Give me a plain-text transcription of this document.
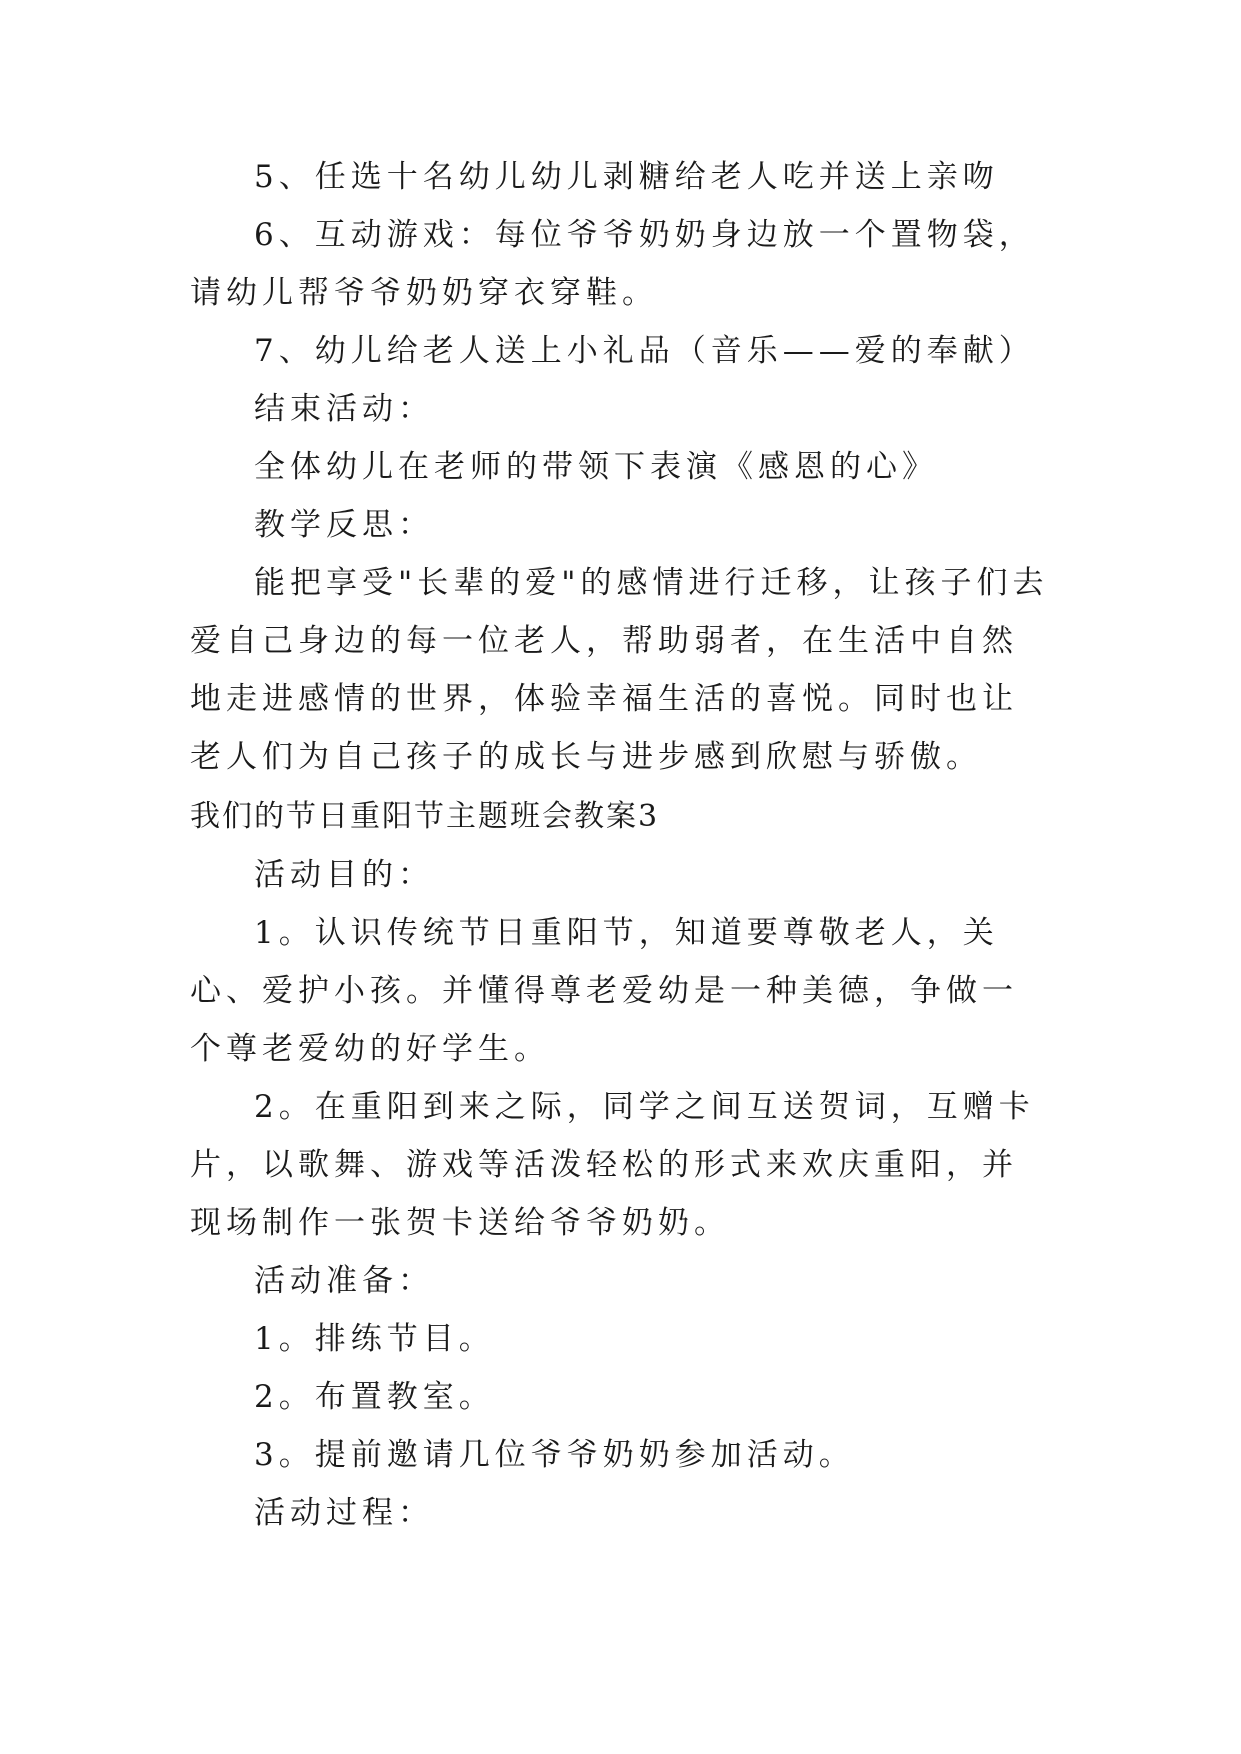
5、任选十名幼儿幼儿剥糖给老人吃并送上亲吻

6、互动游戏：每位爷爷奶奶身边放一个置物袋，请幼儿帮爷爷奶奶穿衣穿鞋。

7、幼儿给老人送上小礼品（音乐——爱的奉献）

结束活动：

全体幼儿在老师的带领下表演《感恩的心》

教学反思：

能把享受"长辈的爱"的感情进行迁移，让孩子们去爱自己身边的每一位老人，帮助弱者，在生活中自然地走进感情的世界，体验幸福生活的喜悦。同时也让老人们为自己孩子的成长与进步感到欣慰与骄傲。

我们的节日重阳节主题班会教案3

活动目的：

1。认识传统节日重阳节，知道要尊敬老人，关心、爱护小孩。并懂得尊老爱幼是一种美德，争做一个尊老爱幼的好学生。

2。在重阳到来之际，同学之间互送贺词，互赠卡片，以歌舞、游戏等活泼轻松的形式来欢庆重阳，并现场制作一张贺卡送给爷爷奶奶。

活动准备：

1。排练节目。

2。布置教室。

3。提前邀请几位爷爷奶奶参加活动。

活动过程：
